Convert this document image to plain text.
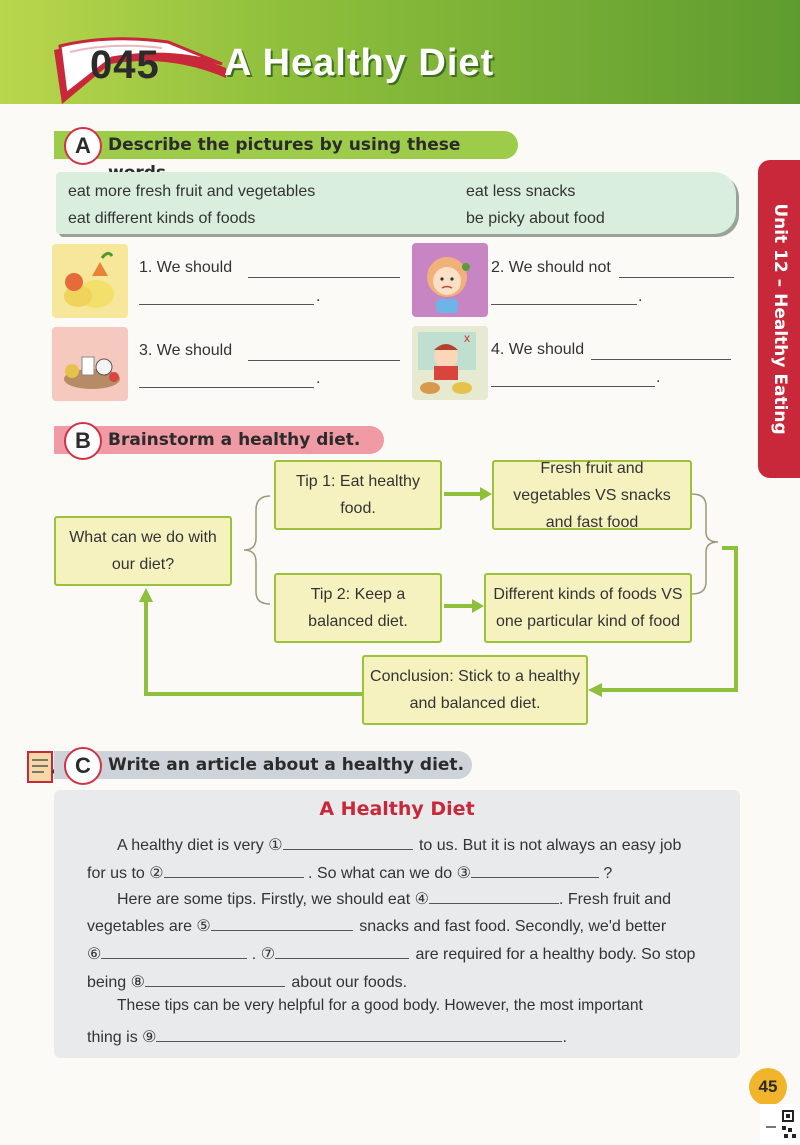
045 A Healthy Diet
Unit 12 – Healthy Eating
Describe the pictures by using these
A
eat more fresh fruit and vegetables	eat less snacks
eat different kinds of foods	be picky about food
1. We should
.
2. We should not
.
3. We should
.
x
4. We should
.
Brainstorm a healthy diet.
B
What can we do with our diet?
Tip 1: Eat healthy food.
Fresh fruit and vegetables VS snacks and fast food
Tip 2: Keep a balanced diet.
Different kinds of foods VS one particular kind of food
Conclusion: Stick to a healthy and balanced diet.
Write an article about a healthy diet.
C
A Healthy Diet
A healthy diet is very ①	to us. But it is not always an easy job
for us to ②	. So what can we do ③	?
Here are some tips. Firstly, we should eat ④	. Fresh fruit and
vegetables are ⑤	snacks and fast food. Secondly, we'd better
⑥	. ⑦	are required for a healthy body. So stop
being ⑧	about our foods.
These tips can be very helpful for a good body. However, the most important
thing is ⑨	.
45
